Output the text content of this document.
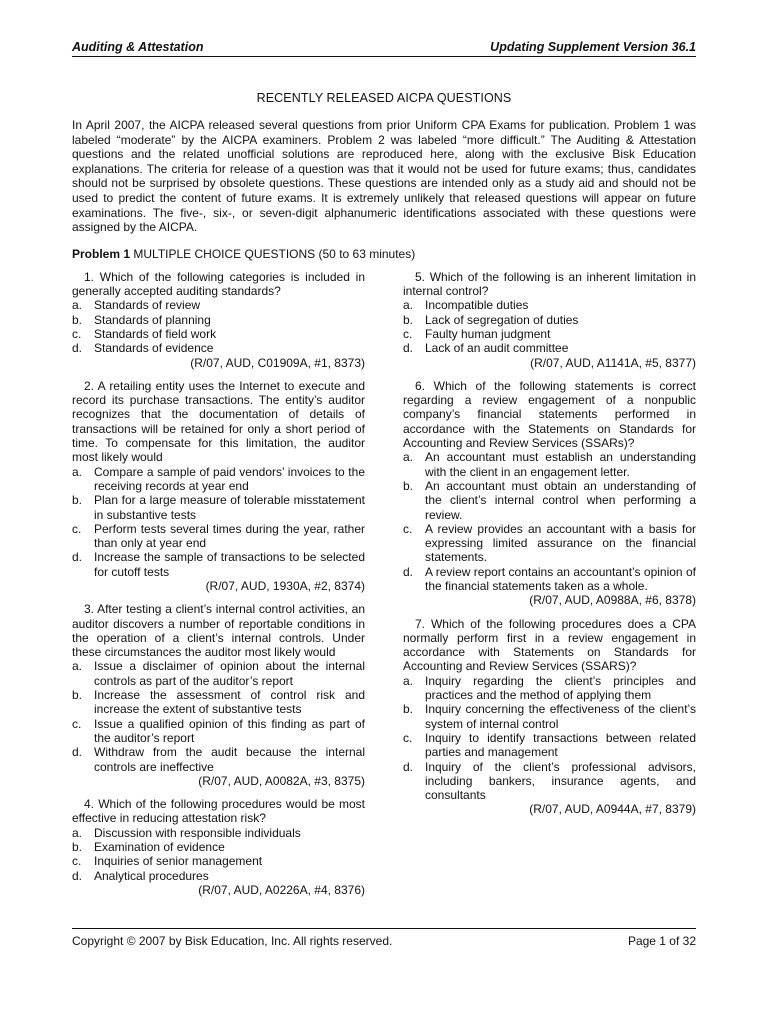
Auditing & Attestation	Updating Supplement Version 36.1
RECENTLY RELEASED AICPA QUESTIONS
In April 2007, the AICPA released several questions from prior Uniform CPA Exams for publication. Problem 1 was labeled “moderate” by the AICPA examiners. Problem 2 was labeled “more difficult.” The Auditing & Attestation questions and the related unofficial solutions are reproduced here, along with the exclusive Bisk Education explanations. The criteria for release of a question was that it would not be used for future exams; thus, candidates should not be surprised by obsolete questions. These questions are intended only as a study aid and should not be used to predict the content of future exams. It is extremely unlikely that released questions will appear on future examinations. The five-, six-, or seven-digit alphanumeric identifications associated with these questions were assigned by the AICPA.
Problem 1 MULTIPLE CHOICE QUESTIONS (50 to 63 minutes)
1. Which of the following categories is included in generally accepted auditing standards?
a. Standards of review
b. Standards of planning
c.	Standards of field work
d. Standards of evidence
(R/07, AUD, C01909A, #1, 8373)
2. A retailing entity uses the Internet to execute and record its purchase transactions. The entity’s auditor recognizes that the documentation of details of transactions will be retained for only a short period of time. To compensate for this limitation, the auditor most likely would
a. Compare a sample of paid vendors’ invoices to the receiving records at year end
b. Plan for a large measure of tolerable misstatement in substantive tests
c.	Perform tests several times during the year, rather than only at year end
d. Increase the sample of transactions to be selected for cutoff tests
(R/07, AUD, 1930A, #2, 8374)
3. After testing a client’s internal control activities, an auditor discovers a number of reportable conditions in the operation of a client’s internal controls. Under these circumstances the auditor most likely would
a. Issue a disclaimer of opinion about the internal controls as part of the auditor’s report
b. Increase the assessment of control risk and increase the extent of substantive tests
c.	Issue a qualified opinion of this finding as part of the auditor’s report
d. Withdraw from the audit because the internal controls are ineffective
(R/07, AUD, A0082A, #3, 8375)
4. Which of the following procedures would be most effective in reducing attestation risk?
a. Discussion with responsible individuals
b. Examination of evidence
c.	Inquiries of senior management
d. Analytical procedures
(R/07, AUD, A0226A, #4, 8376)
5. Which of the following is an inherent limitation in internal control?
a. Incompatible duties
b. Lack of segregation of duties
c.	Faulty human judgment
d. Lack of an audit committee
(R/07, AUD, A1141A, #5, 8377)
6. Which of the following statements is correct regarding a review engagement of a nonpublic company’s financial statements performed in accordance with the Statements on Standards for Accounting and Review Services (SSARs)?
a. An accountant must establish an understanding with the client in an engagement letter.
b. An accountant must obtain an understanding of the client’s internal control when performing a review.
c.	A review provides an accountant with a basis for expressing limited assurance on the financial statements.
d. A review report contains an accountant’s opinion of the financial statements taken as a whole.
(R/07, AUD, A0988A, #6, 8378)
7. Which of the following procedures does a CPA normally perform first in a review engagement in accordance with Statements on Standards for Accounting and Review Services (SSARS)?
a. Inquiry regarding the client’s principles and practices and the method of applying them
b. Inquiry concerning the effectiveness of the client’s system of internal control
c.	Inquiry to identify transactions between related parties and management
d. Inquiry of the client’s professional advisors, including bankers, insurance agents, and consultants
(R/07, AUD, A0944A, #7, 8379)
Copyright © 2007 by Bisk Education, Inc. All rights reserved.	Page 1 of 32
